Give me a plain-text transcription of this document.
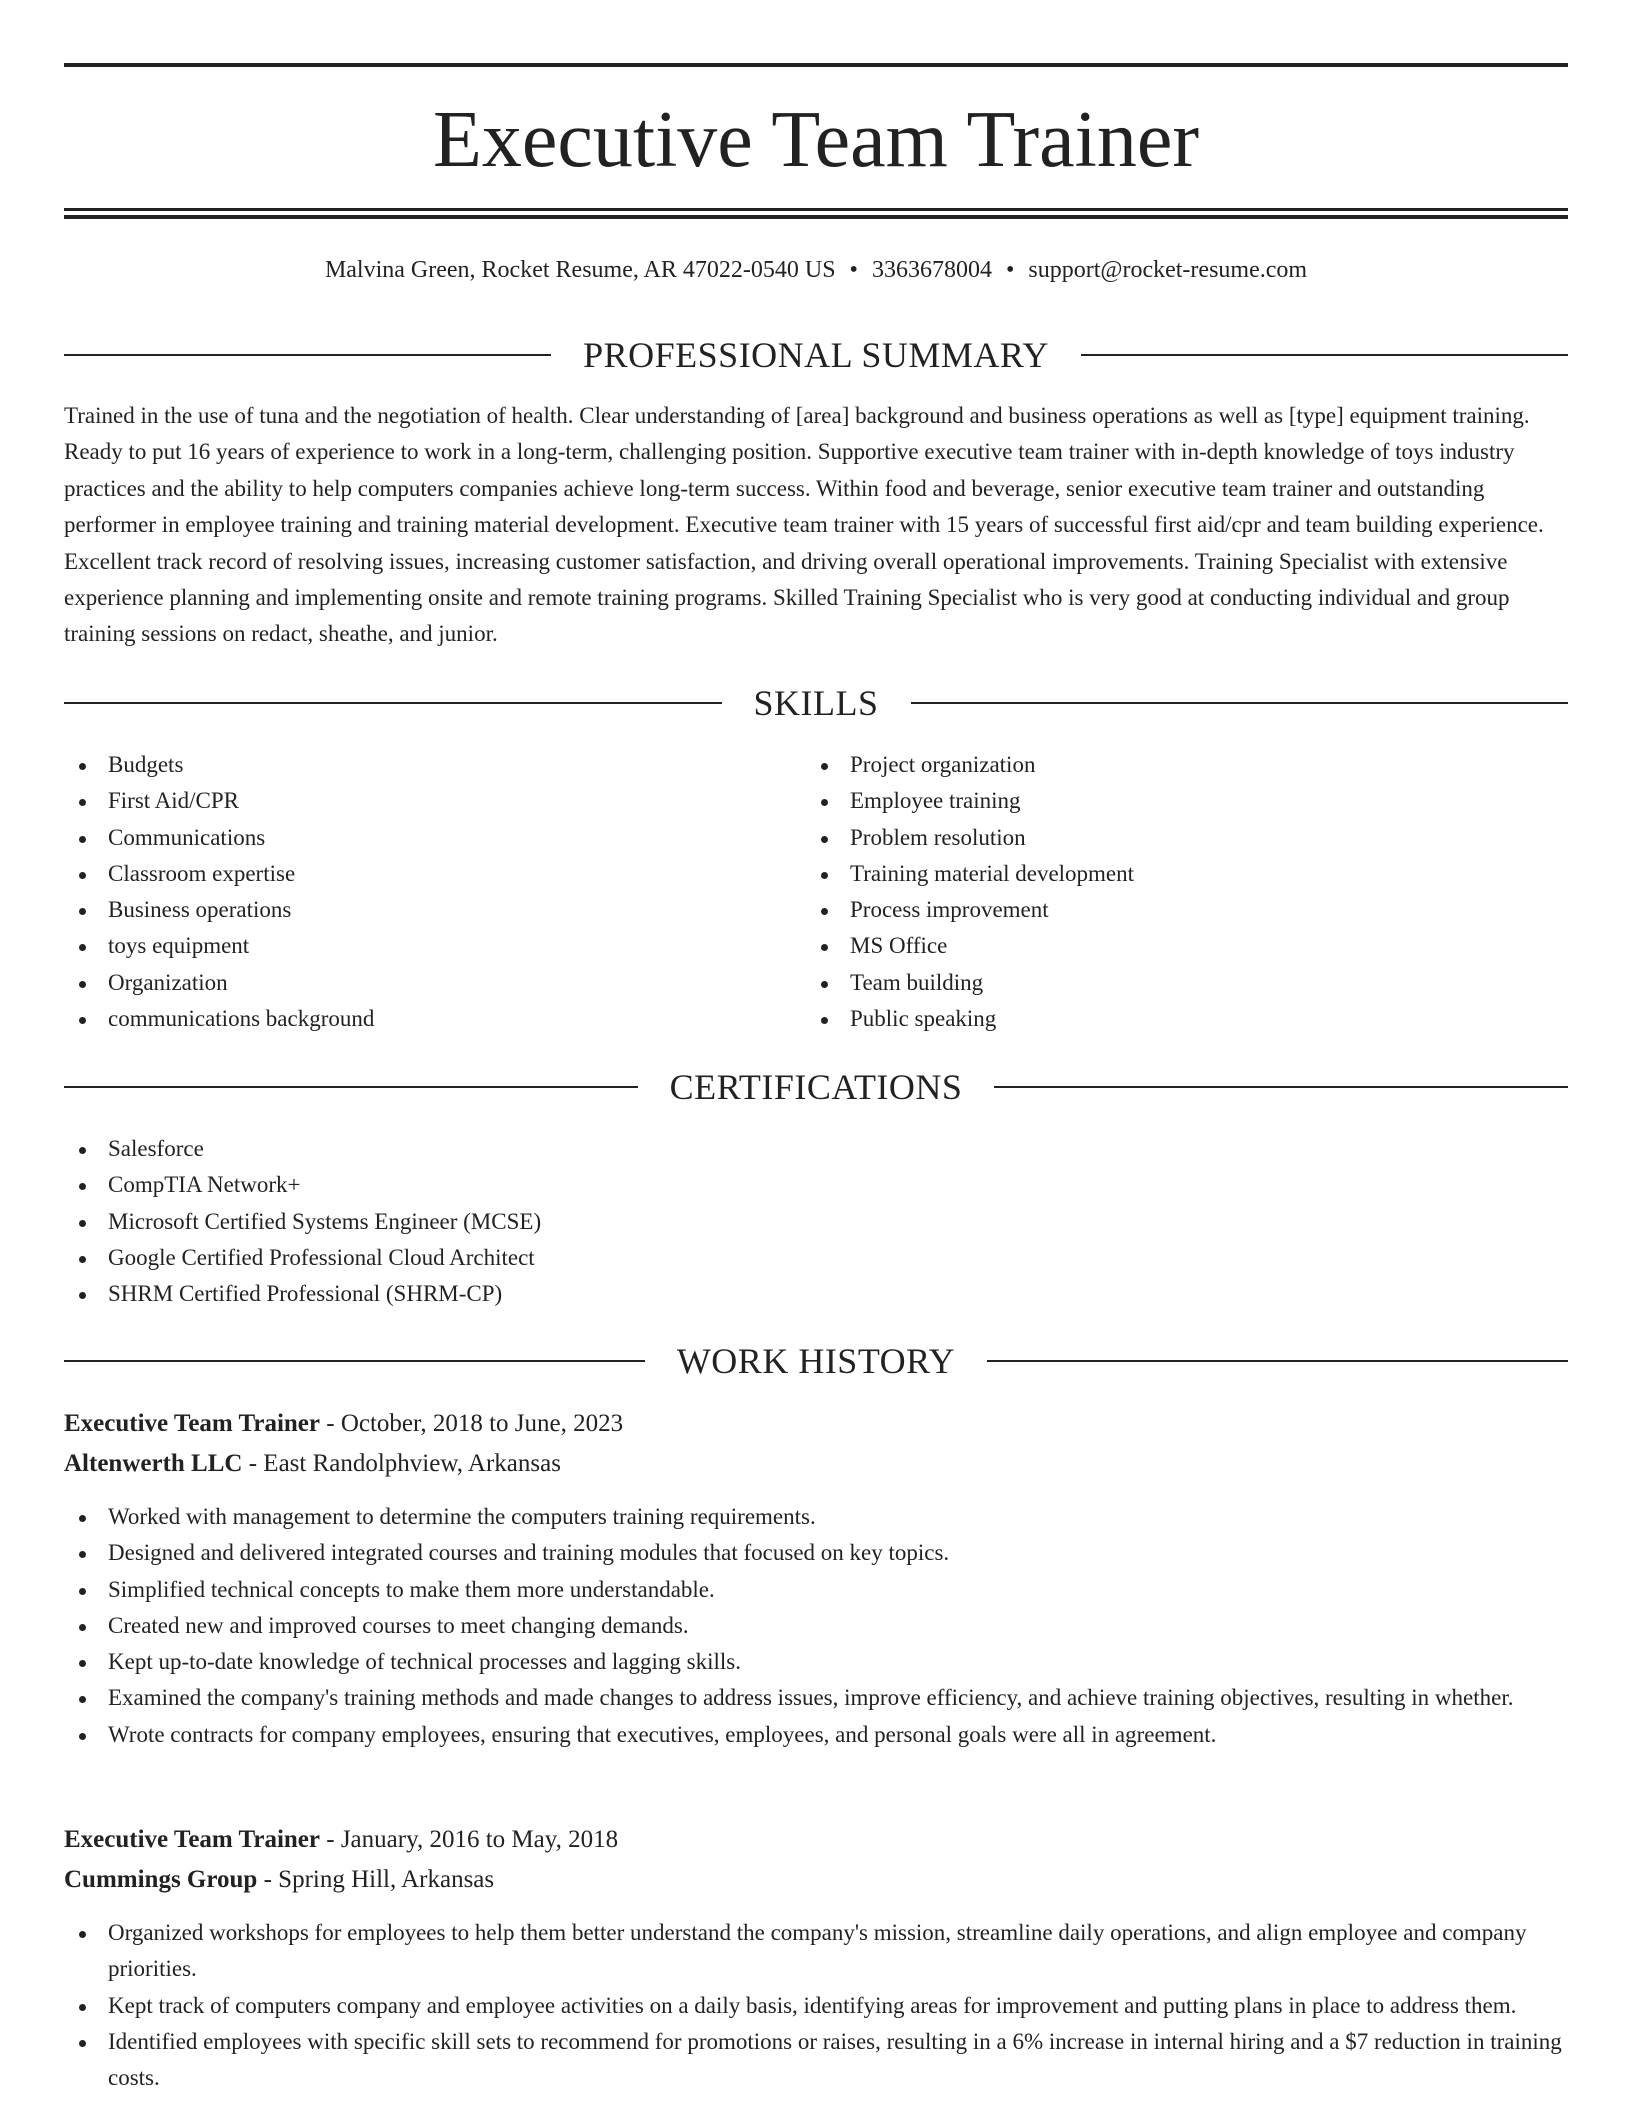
Executive Team Trainer
Malvina Green, Rocket Resume, AR 47022-0540 US • 3363678004 • support@rocket-resume.com
PROFESSIONAL SUMMARY

Trained in the use of tuna and the negotiation of health. Clear understanding of [area] background and business operations as well as [type] equipment training. Ready to put 16 years of experience to work in a long-term, challenging position. Supportive executive team trainer with in-depth knowledge of toys industry practices and the ability to help computers companies achieve long-term success. Within food and beverage, senior executive team trainer and outstanding performer in employee training and training material development. Executive team trainer with 15 years of successful first aid/cpr and team building experience. Excellent track record of resolving issues, increasing customer satisfaction, and driving overall operational improvements. Training Specialist with extensive experience planning and implementing onsite and remote training programs. Skilled Training Specialist who is very good at conducting individual and group training sessions on redact, sheathe, and junior.

SKILLS
Budgets
First Aid/CPR
Communications
Classroom expertise
Business operations
toys equipment
Organization
communications background
Project organization
Employee training
Problem resolution
Training material development
Process improvement
MS Office
Team building
Public speaking
CERTIFICATIONS
Salesforce
CompTIA Network+
Microsoft Certified Systems Engineer (MCSE)
Google Certified Professional Cloud Architect
SHRM Certified Professional (SHRM-CP)
WORK HISTORY

Executive Team Trainer - October, 2018 to June, 2023

Altenwerth LLC - East Randolphview, Arkansas

Worked with management to determine the computers training requirements.
Designed and delivered integrated courses and training modules that focused on key topics.
Simplified technical concepts to make them more understandable.
Created new and improved courses to meet changing demands.
Kept up-to-date knowledge of technical processes and lagging skills.
Examined the company's training methods and made changes to address issues, improve efficiency, and achieve training objectives, resulting in whether.
Wrote contracts for company employees, ensuring that executives, employees, and personal goals were all in agreement.

Executive Team Trainer - January, 2016 to May, 2018

Cummings Group - Spring Hill, Arkansas

Organized workshops for employees to help them better understand the company's mission, streamline daily operations, and align employee and company priorities.
Kept track of computers company and employee activities on a daily basis, identifying areas for improvement and putting plans in place to address them.
Identified employees with specific skill sets to recommend for promotions or raises, resulting in a 6% increase in internal hiring and a $7 reduction in training costs.
